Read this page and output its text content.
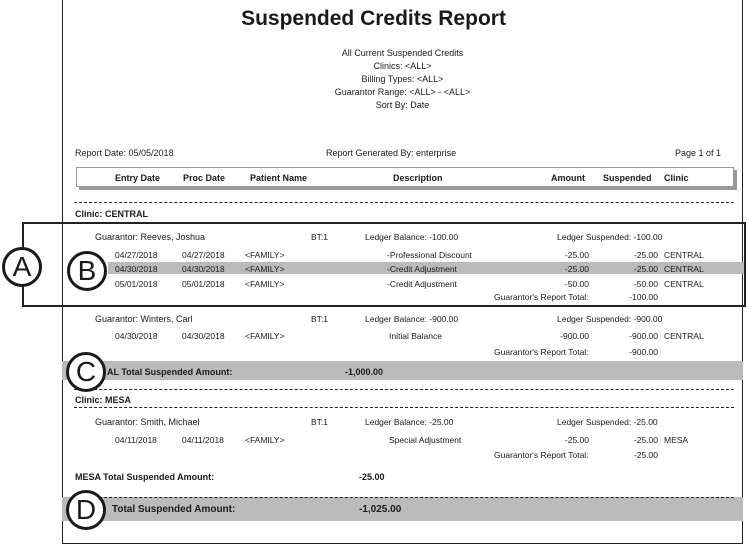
Suspended Credits Report
All Current Suspended Credits
Clinics: <ALL>
Billing Types: <ALL>
Guarantor Range: <ALL> - <ALL>
Sort By: Date
Report Date: 05/05/2018	Report Generated By: enterprise	Page 1 of 1
Entry Date	Proc Date	Patient Name	Description	Amount Suspended Clinic
Clinic: CENTRAL
Guarantor: Reeves, Joshua	BT:1	Ledger Balance: -100.00	Ledger Suspended: -100.00
04/27/2018	04/27/2018 <FAMILY>	-Professional Discount	-25.00	-25.00 CENTRAL
04/30/2018	04/30/2018 <FAMILY>	-Credit Adjustment	-25.00	-25.00 CENTRAL
05/01/2018	05/01/2018 <FAMILY>	-Credit Adjustment	-50.00	-50.00 CENTRAL
Guarantor's Report Total:	-100.00
Guarantor: Winters, Carl	BT:1	Ledger Balance: -900.00	Ledger Suspended: -900.00
04/30/2018	04/30/2018 <FAMILY>	Initial Balance	-900.00	-900.00 CENTRAL
Guarantor's Report Total:	-900.00
AL Total Suspended Amount:	-1,000.00
Clinic: MESA
Guarantor: Smith, Michael	BT:1	Ledger Balance: -25.00	Ledger Suspended: -25.00
04/11/2018	04/11/2018 <FAMILY>	Special Adjustment	-25.00	-25.00 MESA
Guarantor's Report Total:	-25.00
MESA Total Suspended Amount:	-25.00
Total Suspended Amount:	-1,025.00
A	B
C
D
